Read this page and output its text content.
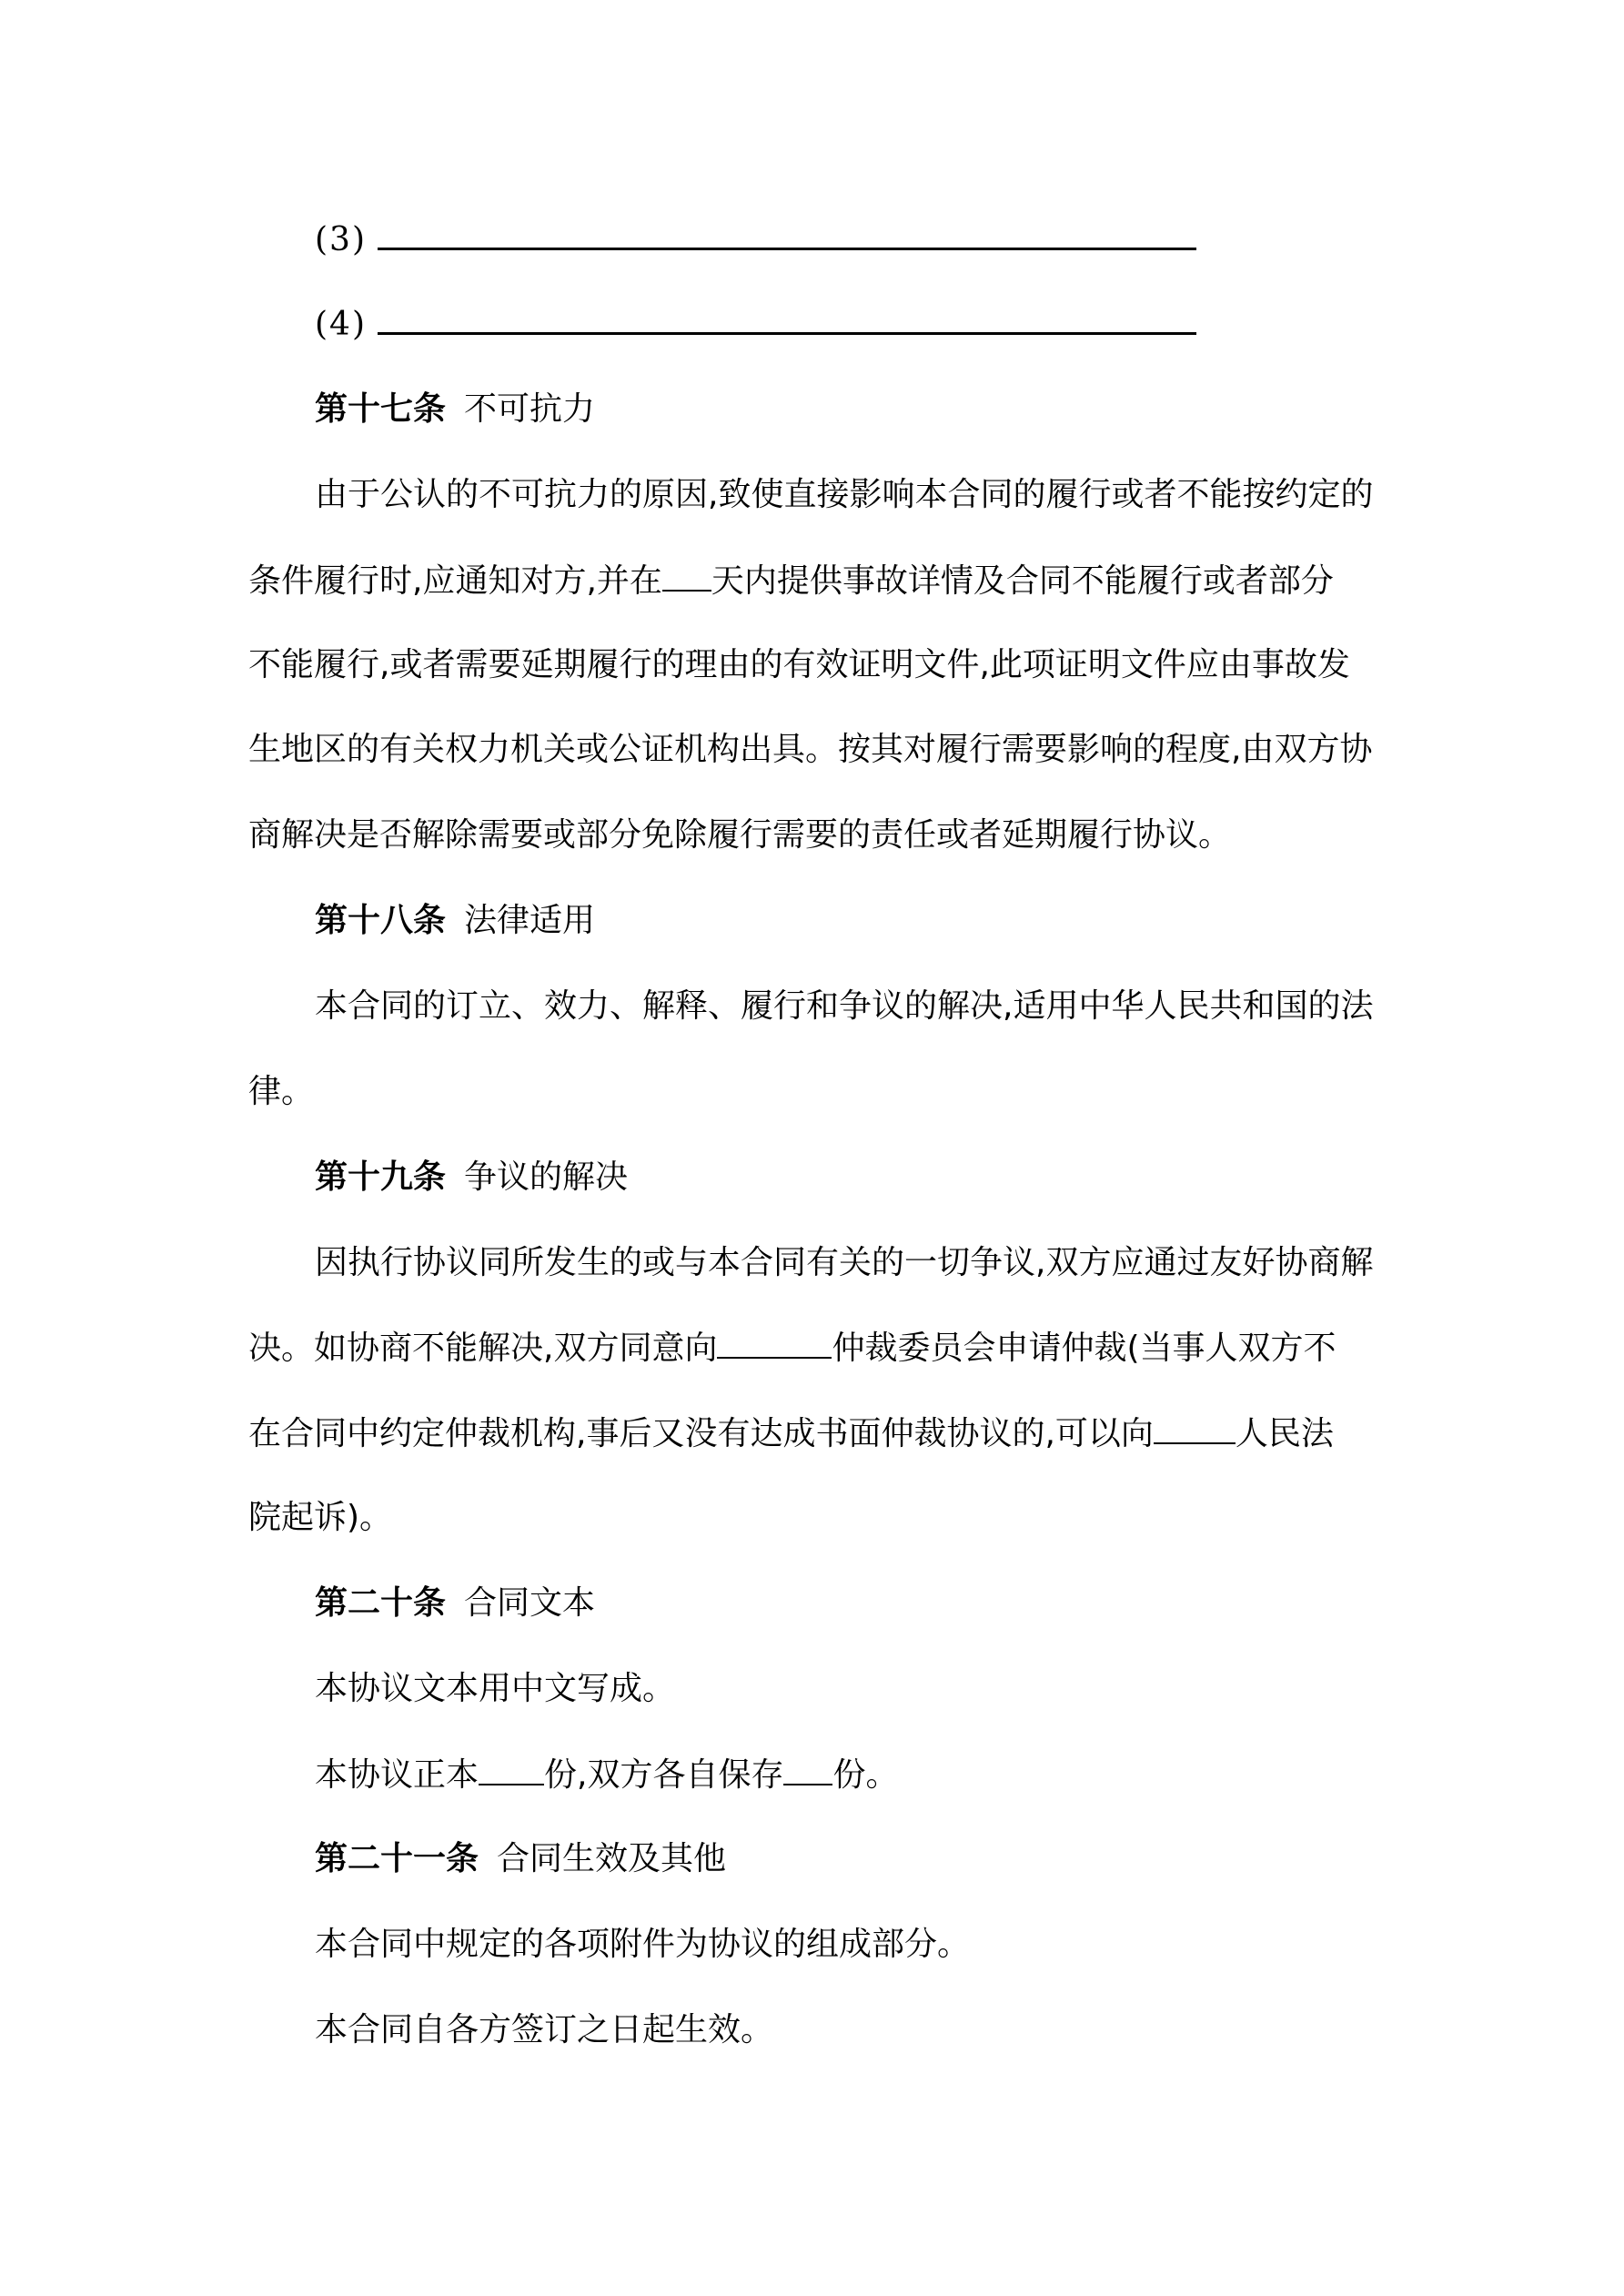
(3)
(4)
第十七条 不可抗力
由于公认的不可抗力的原因,致使直接影响本合同的履行或者不能按约定的
条件履行时,应通知对方,并在 天内提供事故详情及合同不能履行或者部分
不能履行,或者需要延期履行的理由的有效证明文件,此项证明文件应由事故发
生地区的有关权力机关或公证机构出具。按其对履行需要影响的程度,由双方协
商解决是否解除需要或部分免除履行需要的责任或者延期履行协议。
第十八条 法律适用
本合同的订立、效力、解释、履行和争议的解决,适用中华人民共和国的法
律。
第十九条 争议的解决
因执行协议同所发生的或与本合同有关的一切争议,双方应通过友好协商解
决。如协商不能解决,双方同意向	仲裁委员会申请仲裁(当事人双方不
在合同中约定仲裁机构,事后又没有达成书面仲裁协议的,可以向	人民法
院起诉)。
第二十条 合同文本
本协议文本用中文写成。
本协议正本 份,双方各自保存 份。
第二十一条 合同生效及其他
本合同中规定的各项附件为协议的组成部分。
本合同自各方签订之日起生效。
